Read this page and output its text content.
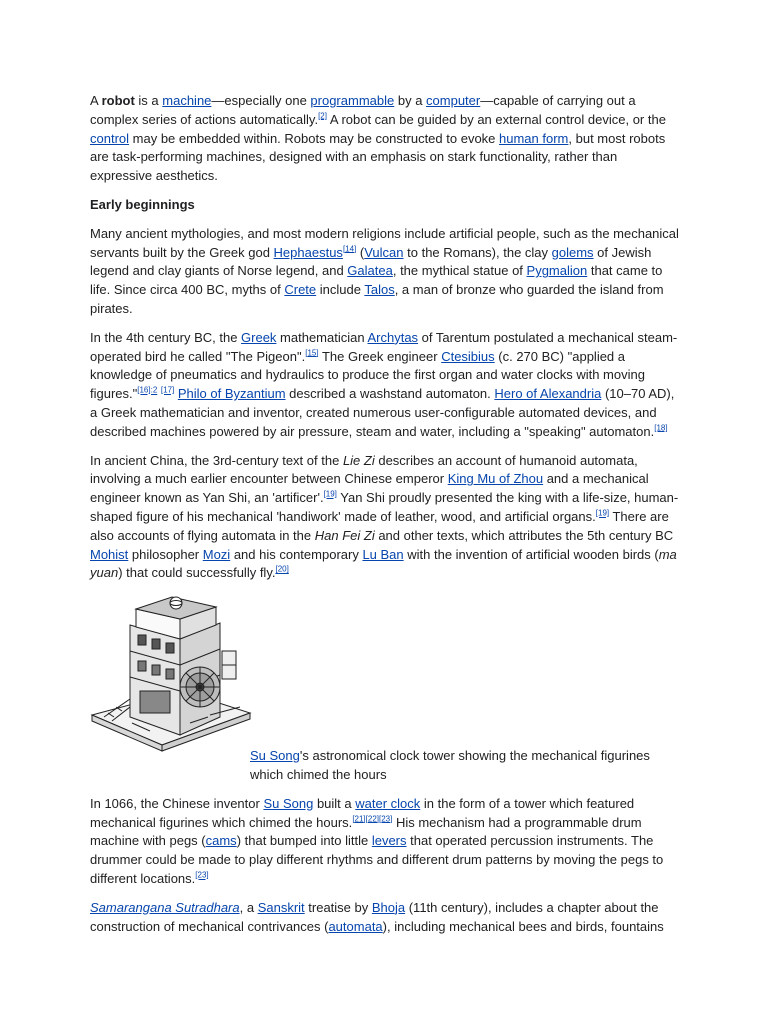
A robot is a machine—especially one programmable by a computer—capable of carrying out a complex series of actions automatically.[2] A robot can be guided by an external control device, or the control may be embedded within. Robots may be constructed to evoke human form, but most robots are task-performing machines, designed with an emphasis on stark functionality, rather than expressive aesthetics.

Early beginnings

Many ancient mythologies, and most modern religions include artificial people, such as the mechanical servants built by the Greek god Hephaestus[14] (Vulcan to the Romans), the clay golems of Jewish legend and clay giants of Norse legend, and Galatea, the mythical statue of Pygmalion that came to life. Since circa 400 BC, myths of Crete include Talos, a man of bronze who guarded the island from pirates.

In the 4th century BC, the Greek mathematician Archytas of Tarentum postulated a mechanical steam-operated bird he called "The Pigeon".[15] The Greek engineer Ctesibius (c. 270 BC) "applied a knowledge of pneumatics and hydraulics to produce the first organ and water clocks with moving figures."$^{[16]:2}$ [17] Philo of Byzantium described a washstand automaton. Hero of Alexandria (10–70 AD), a Greek mathematician and inventor, created numerous user-configurable automated devices, and described machines powered by air pressure, steam and water, including a "speaking" automaton.[18]

In ancient China, the 3rd-century text of the Lie Zi describes an account of humanoid automata, involving a much earlier encounter between Chinese emperor King Mu of Zhou and a mechanical engineer known as Yan Shi, an 'artificer'.[19] Yan Shi proudly presented the king with a life-size, human-shaped figure of his mechanical 'handiwork' made of leather, wood, and artificial organs.[19] There are also accounts of flying automata in the Han Fei Zi and other texts, which attributes the 5th century BC Mohist philosopher Mozi and his contemporary Lu Ban with the invention of artificial wooden birds (ma yuan) that could successfully fly.[20]

Su Song's astronomical clock tower showing the mechanical figurines which chimed the hours

In 1066, the Chinese inventor Su Song built a water clock in the form of a tower which featured mechanical figurines which chimed the hours.[21][22][23] His mechanism had a programmable drum machine with pegs (cams) that bumped into little levers that operated percussion instruments. The drummer could be made to play different rhythms and different drum patterns by moving the pegs to different locations.[23]

Samarangana Sutradhara, a Sanskrit treatise by Bhoja (11th century), includes a chapter about the construction of mechanical contrivances (automata), including mechanical bees and birds, fountains
